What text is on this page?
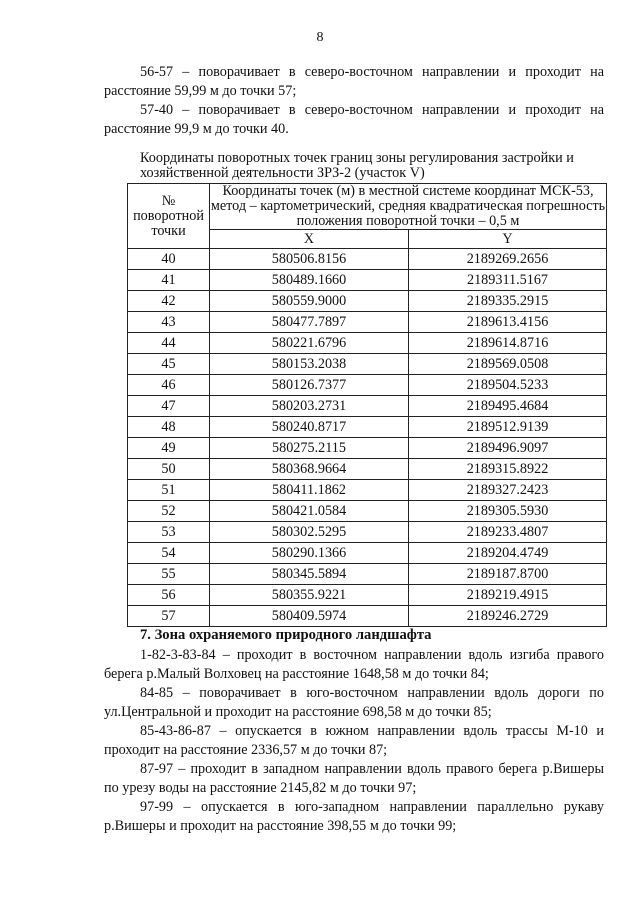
8

56-57 – поворачивает в северо-восточном направлении и проходит на расстояние 59,99 м до точки 57;

57-40 – поворачивает в северо-восточном направлении и проходит на расстояние 99,9 м до точки 40.

Координаты поворотных точек границ зоны регулирования застройки и хозяйственной деятельности ЗРЗ-2 (участок V)

№ поворотной точки	Координаты точек (м) в местной системе координат МСК-53, метод – картометрический, средняя квадратическая погрешность положения поворотной точки – 0,5 м	
	X	Y
40	580506.8156	2189269.2656
41	580489.1660	2189311.5167
42	580559.9000	2189335.2915
43	580477.7897	2189613.4156
44	580221.6796	2189614.8716
45	580153.2038	2189569.0508
46	580126.7377	2189504.5233
47	580203.2731	2189495.4684
48	580240.8717	2189512.9139
49	580275.2115	2189496.9097
50	580368.9664	2189315.8922
51	580411.1862	2189327.2423
52	580421.0584	2189305.5930
53	580302.5295	2189233.4807
54	580290.1366	2189204.4749
55	580345.5894	2189187.8700
56	580355.9221	2189219.4915
57	580409.5974	2189246.2729

7. Зона охраняемого природного ландшафта

1-82-3-83-84 – проходит в восточном направлении вдоль изгиба правого берега р.Малый Волховец на расстояние 1648,58 м до точки 84;

84-85 – поворачивает в юго-восточном направлении вдоль дороги по ул.Центральной и проходит на расстояние 698,58 м до точки 85;

85-43-86-87 – опускается в южном направлении вдоль трассы М-10 и проходит на расстояние 2336,57 м до точки 87;

87-97 – проходит в западном направлении вдоль правого берега р.Вишеры по урезу воды на расстояние 2145,82 м до точки 97;

97-99 – опускается в юго-западном направлении параллельно рукаву р.Вишеры и проходит на расстояние 398,55 м до точки 99;
